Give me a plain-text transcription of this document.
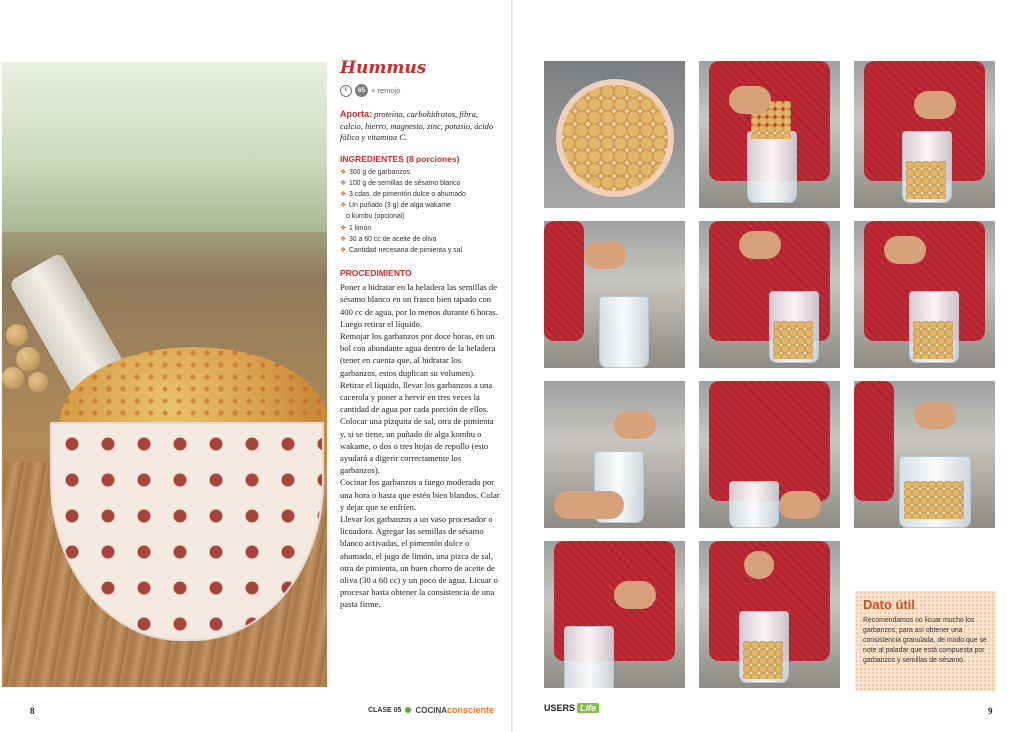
Hummus
65 + remojo
Aporta: proteína, carbohidratos, fibra, calcio, hierro, magnesio, zinc, potasio, ácido fólico y vitamina C.
INGREDIENTES (8 porciones)
❖ 300 g de garbanzos
❖ 100 g de semillas de sésamo blanco
❖ 3 cdas. de pimentón dulce o ahumado
❖ Un puñado (3 g) de alga wakame
o kumbu (opcional)
❖ 1 limón
❖ 30 a 60 cc de aceite de oliva
❖ Cantidad necesaria de pimienta y sal
PROCEDIMIENTO

Poner a hidratar en la heladera las semillas de sésamo blanco en un frasco bien tapado con 400 cc de agua, por lo menos durante 6 horas. Luego retirar el líquido.

Remojar los garbanzos por doce horas, en un bol con abundante agua dentro de la heladera (tener en cuenta que, al hidratar los garbanzos, estos duplican su volumen). Retirar el líquido, llevar los garbanzos a una cacerola y poner a hervir en tres veces la cantidad de agua por cada porción de ellos. Colocar una pizquita de sal, otra de pimienta y, si se tiene, un puñado de alga kombu o wakame, o dos o tres hojas de repollo (esto ayudará a digerir correctamente los garbanzos).

Cocinar los garbanzos a fuego moderado por una hora o hasta que estén bien blandos. Colar y dejar que se enfríen.

Llevar los garbanzos a un vaso procesador o licuadora. Agregar las semillas de sésamo blanco activadas, el pimentón dulce o ahumado, el jugo de limón, una pizca de sal, otra de pimienta, un buen chorro de aceite de oliva (30 a 60 cc) y un poco de agua. Licuar o procesar hasta obtener la consistencia de una pasta firme.	Dato útil

Recomendamos no licuar mucho los garbanzos, para así obtener una consistencia granulada, de modo que se note al paladar que está compuesta por garbanzos y semillas de sésamo.

8	CLASE 05 COCINA consciente	USERS Life	9
